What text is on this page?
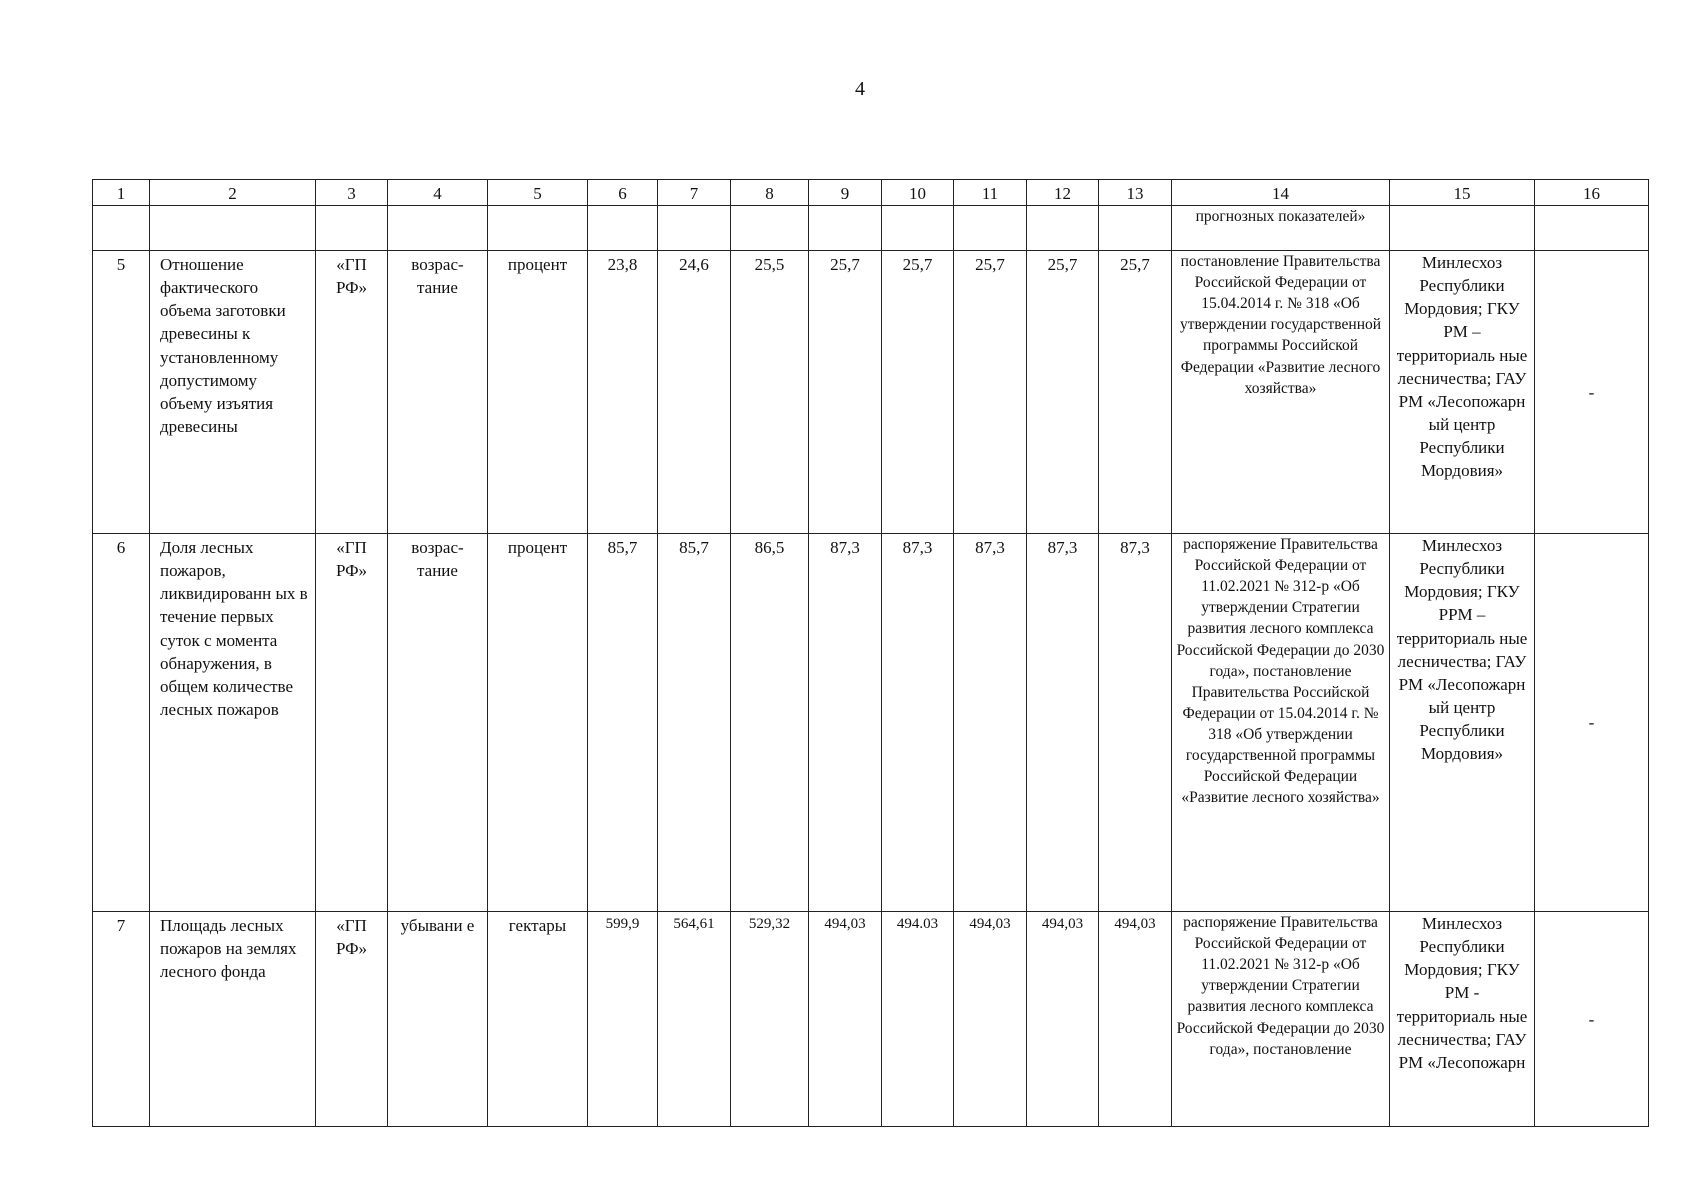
4
1	2	3	4	5	6	7	8	9	10	11	12	13	14	15	16
													прогнозных показателей»		
5	Отношение фактического объема заготовки древесины к установленному допустимому объему изъятия древесины	«ГП РФ»	возрас-тание	процент	23,8	24,6	25,5	25,7	25,7	25,7	25,7	25,7	постановление Правительства Российской Федерации от 15.04.2014 г. № 318 «Об утверждении государственной программы Российской Федерации «Развитие лесного хозяйства»	Минлесхоз Республики Мордовия; ГКУ РМ – территориаль ные лесничества; ГАУ РМ «Лесопожарн ый центр Республики Мордовия»	-
6	Доля лесных пожаров, ликвидированн ых в течение первых суток с момента обнаружения, в общем количестве лесных пожаров	«ГП РФ»	возрас-тание	процент	85,7	85,7	86,5	87,3	87,3	87,3	87,3	87,3	распоряжение Правительства Российской Федерации от 11.02.2021 № 312-р «Об утверждении Стратегии развития лесного комплекса Российской Федерации до 2030 года», постановление Правительства Российской Федерации от 15.04.2014 г. № 318 «Об утверждении государственной программы Российской Федерации «Развитие лесного хозяйства»	Минлесхоз Республики Мордовия; ГКУ РРМ – территориаль ные лесничества; ГАУ РМ «Лесопожарн ый центр Республики Мордовия»	-
7	Площадь лесных пожаров на землях лесного фонда	«ГП РФ»	убывани е	гектары	599,9	564,61	529,32	494,03	494.03	494,03	494,03	494,03	распоряжение Правительства Российской Федерации от 11.02.2021 № 312-р «Об утверждении Стратегии развития лесного комплекса Российской Федерации до 2030 года», постановление	Минлесхоз Республики Мордовия; ГКУ РМ - территориаль ные лесничества; ГАУ РМ «Лесопожарн	-
